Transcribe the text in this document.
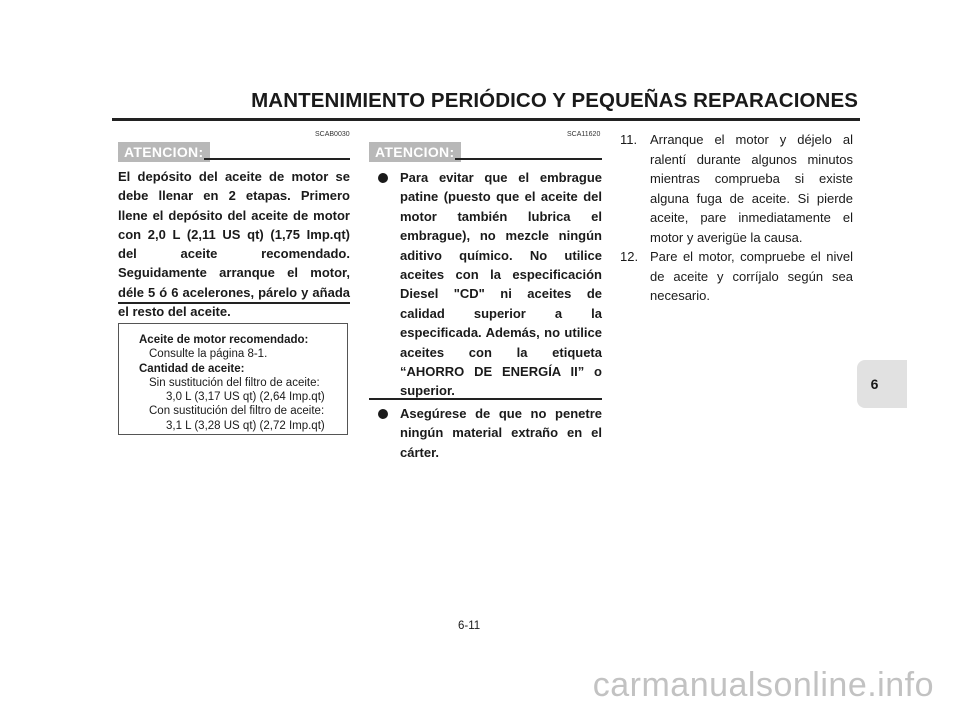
MANTENIMIENTO PERIÓDICO Y PEQUEÑAS REPARACIONES
SCAB0030
ATENCION:

El depósito del aceite de motor se debe llenar en 2 etapas. Primero llene el depósito del aceite de motor con 2,0 L (2,11 US qt) (1,75 Imp.qt) del aceite recomendado. Seguidamente arranque el motor, déle 5 ó 6 acelerones, párelo y añada el resto del aceite.

Aceite de motor recomendado:
Consulte la página 8-1.
Cantidad de aceite:
Sin sustitución del filtro de aceite:
3,0 L (3,17 US qt) (2,64 Imp.qt)
Con sustitución del filtro de aceite:
3,1 L (3,28 US qt) (2,72 Imp.qt)
SCA11620
ATENCION:
Para evitar que el embrague patine (puesto que el aceite del motor también lubrica el embrague), no mezcle ningún aditivo químico. No utilice aceites con la especificación Diesel "CD" ni aceites de calidad superior a la especificada. Además, no utilice aceites con la etiqueta “AHORRO DE ENERGÍA II” o superior.
Asegúrese de que no penetre ningún material extraño en el cárter.
11. Arranque el motor y déjelo al ralentí durante algunos minutos mientras comprueba si existe alguna fuga de aceite. Si pierde aceite, pare inmediatamente el motor y averigüe la causa.
12. Pare el motor, compruebe el nivel de aceite y corríjalo según sea necesario.
6
6-11
carmanualsonline.info
